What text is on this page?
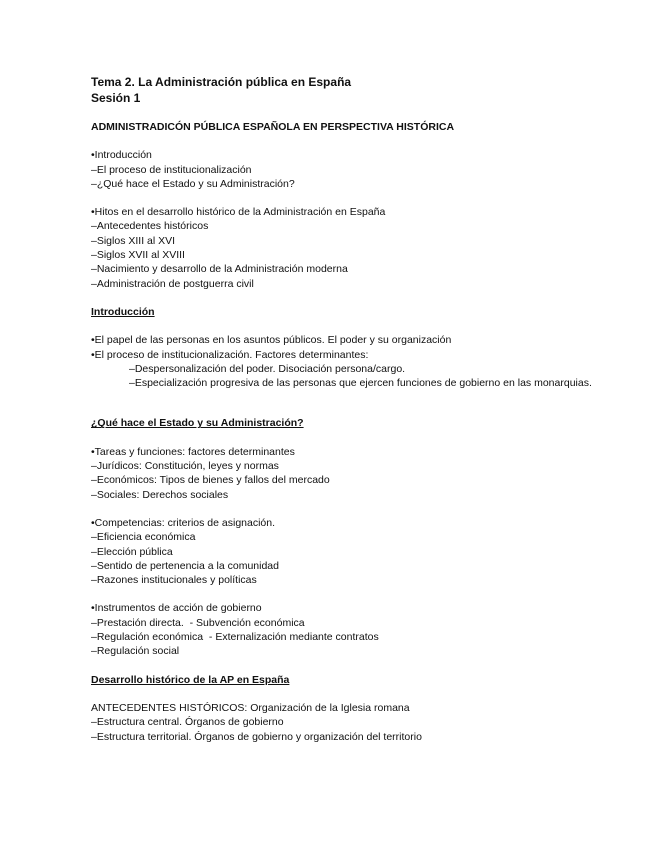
Tema 2. La Administración pública en España

Sesión 1

ADMINISTRADICÓN PÚBLICA ESPAÑOLA EN PERSPECTIVA HISTÓRICA

•Introducción

–El proceso de institucionalización

–¿Qué hace el Estado y su Administración?

•Hitos en el desarrollo histórico de la Administración en España

–Antecedentes históricos

–Siglos XIII al XVI

–Siglos XVII al XVIII

–Nacimiento y desarrollo de la Administración moderna

–Administración de postguerra civil

Introducción

•El papel de las personas en los asuntos públicos. El poder y su organización

•El proceso de institucionalización. Factores determinantes:

–Despersonalización del poder. Disociación persona/cargo.

–Especialización progresiva de las personas que ejercen funciones de gobierno en las monarquias.

¿Qué hace el Estado y su Administración?

•Tareas y funciones: factores determinantes

–Jurídicos: Constitución, leyes y normas

–Económicos: Tipos de bienes y fallos del mercado

–Sociales: Derechos sociales

•Competencias: criterios de asignación.

–Eficiencia económica

–Elección pública

–Sentido de pertenencia a la comunidad

–Razones institucionales y políticas

•Instrumentos de acción de gobierno

–Prestación directa.  - Subvención económica

–Regulación económica  - Externalización mediante contratos

–Regulación social

Desarrollo histórico de la AP en España

ANTECEDENTES HISTÓRICOS: Organización de la Iglesia romana

–Estructura central. Órganos de gobierno

–Estructura territorial. Órganos de gobierno y organización del territorio
